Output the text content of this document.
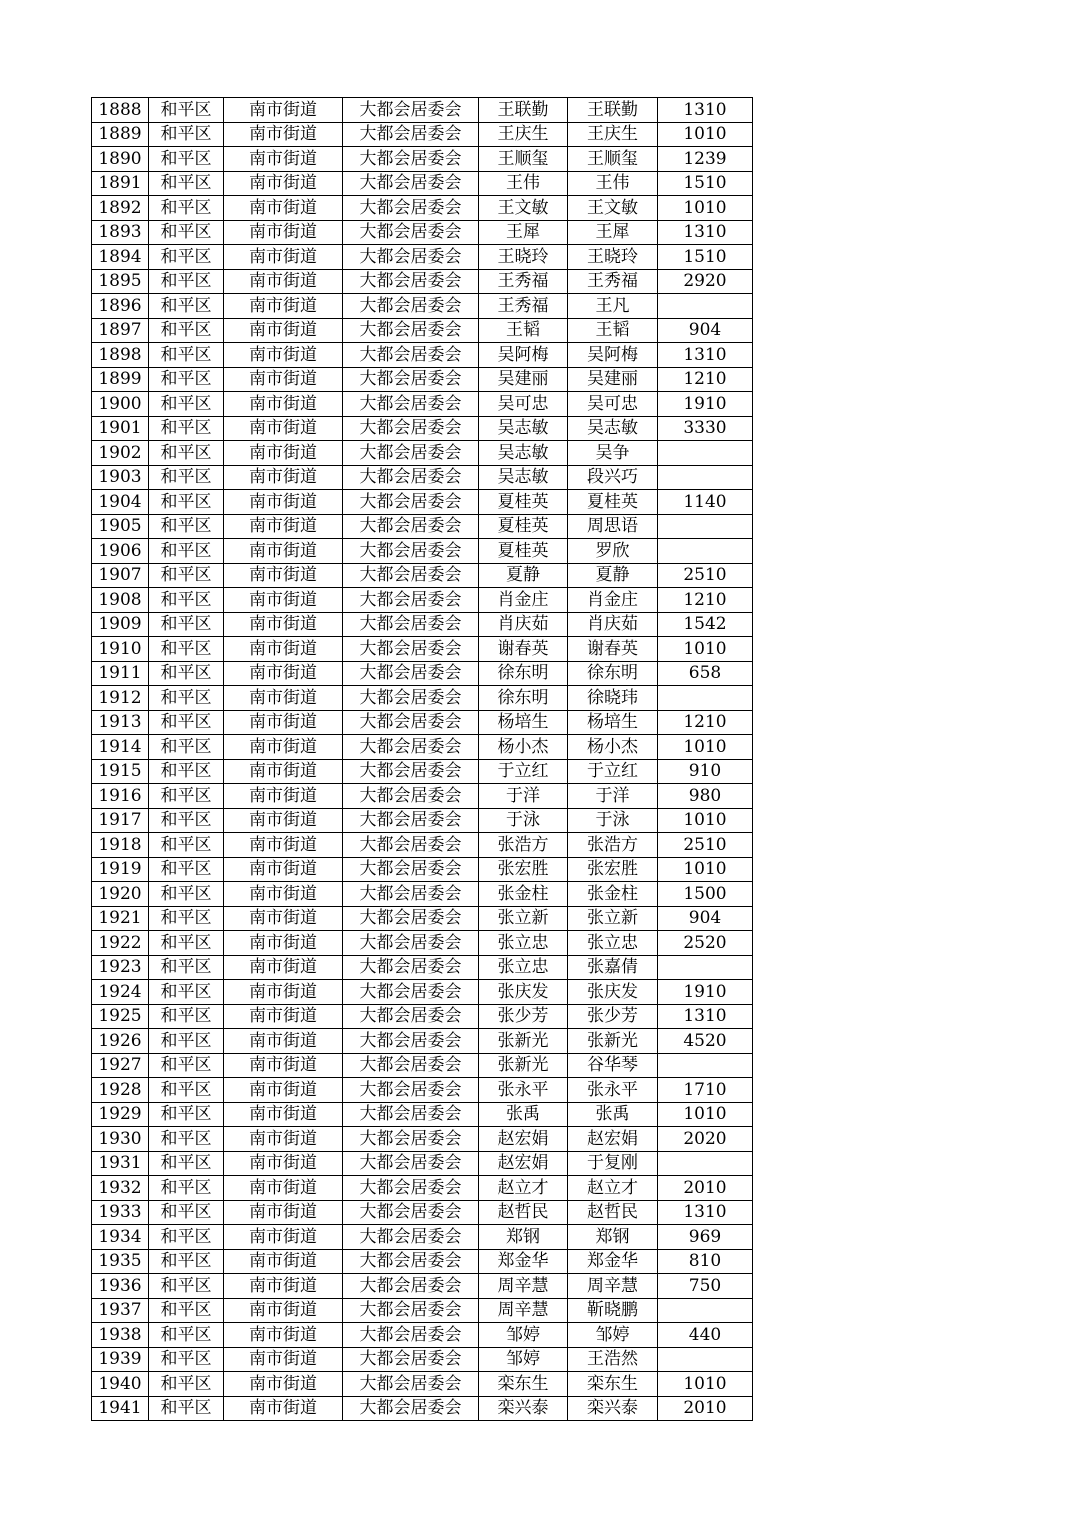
1888	和平区	南市街道	大都会居委会	王联勤	王联勤	1310
1889	和平区	南市街道	大都会居委会	王庆生	王庆生	1010
1890	和平区	南市街道	大都会居委会	王顺玺	王顺玺	1239
1891	和平区	南市街道	大都会居委会	王伟	王伟	1510
1892	和平区	南市街道	大都会居委会	王文敏	王文敏	1010
1893	和平区	南市街道	大都会居委会	王犀	王犀	1310
1894	和平区	南市街道	大都会居委会	王晓玲	王晓玲	1510
1895	和平区	南市街道	大都会居委会	王秀福	王秀福	2920
1896	和平区	南市街道	大都会居委会	王秀福	王凡	
1897	和平区	南市街道	大都会居委会	王韬	王韬	904
1898	和平区	南市街道	大都会居委会	吴阿梅	吴阿梅	1310
1899	和平区	南市街道	大都会居委会	吴建丽	吴建丽	1210
1900	和平区	南市街道	大都会居委会	吴可忠	吴可忠	1910
1901	和平区	南市街道	大都会居委会	吴志敏	吴志敏	3330
1902	和平区	南市街道	大都会居委会	吴志敏	吴争	
1903	和平区	南市街道	大都会居委会	吴志敏	段兴巧	
1904	和平区	南市街道	大都会居委会	夏桂英	夏桂英	1140
1905	和平区	南市街道	大都会居委会	夏桂英	周思语	
1906	和平区	南市街道	大都会居委会	夏桂英	罗欣	
1907	和平区	南市街道	大都会居委会	夏静	夏静	2510
1908	和平区	南市街道	大都会居委会	肖金庄	肖金庄	1210
1909	和平区	南市街道	大都会居委会	肖庆茹	肖庆茹	1542
1910	和平区	南市街道	大都会居委会	谢春英	谢春英	1010
1911	和平区	南市街道	大都会居委会	徐东明	徐东明	658
1912	和平区	南市街道	大都会居委会	徐东明	徐晓玮	
1913	和平区	南市街道	大都会居委会	杨培生	杨培生	1210
1914	和平区	南市街道	大都会居委会	杨小杰	杨小杰	1010
1915	和平区	南市街道	大都会居委会	于立红	于立红	910
1916	和平区	南市街道	大都会居委会	于洋	于洋	980
1917	和平区	南市街道	大都会居委会	于泳	于泳	1010
1918	和平区	南市街道	大都会居委会	张浩方	张浩方	2510
1919	和平区	南市街道	大都会居委会	张宏胜	张宏胜	1010
1920	和平区	南市街道	大都会居委会	张金柱	张金柱	1500
1921	和平区	南市街道	大都会居委会	张立新	张立新	904
1922	和平区	南市街道	大都会居委会	张立忠	张立忠	2520
1923	和平区	南市街道	大都会居委会	张立忠	张嘉倩	
1924	和平区	南市街道	大都会居委会	张庆发	张庆发	1910
1925	和平区	南市街道	大都会居委会	张少芳	张少芳	1310
1926	和平区	南市街道	大都会居委会	张新光	张新光	4520
1927	和平区	南市街道	大都会居委会	张新光	谷华琴	
1928	和平区	南市街道	大都会居委会	张永平	张永平	1710
1929	和平区	南市街道	大都会居委会	张禹	张禹	1010
1930	和平区	南市街道	大都会居委会	赵宏娟	赵宏娟	2020
1931	和平区	南市街道	大都会居委会	赵宏娟	于复刚	
1932	和平区	南市街道	大都会居委会	赵立才	赵立才	2010
1933	和平区	南市街道	大都会居委会	赵哲民	赵哲民	1310
1934	和平区	南市街道	大都会居委会	郑钢	郑钢	969
1935	和平区	南市街道	大都会居委会	郑金华	郑金华	810
1936	和平区	南市街道	大都会居委会	周辛慧	周辛慧	750
1937	和平区	南市街道	大都会居委会	周辛慧	靳晓鹏	
1938	和平区	南市街道	大都会居委会	邹婷	邹婷	440
1939	和平区	南市街道	大都会居委会	邹婷	王浩然	
1940	和平区	南市街道	大都会居委会	栾东生	栾东生	1010
1941	和平区	南市街道	大都会居委会	栾兴泰	栾兴泰	2010
